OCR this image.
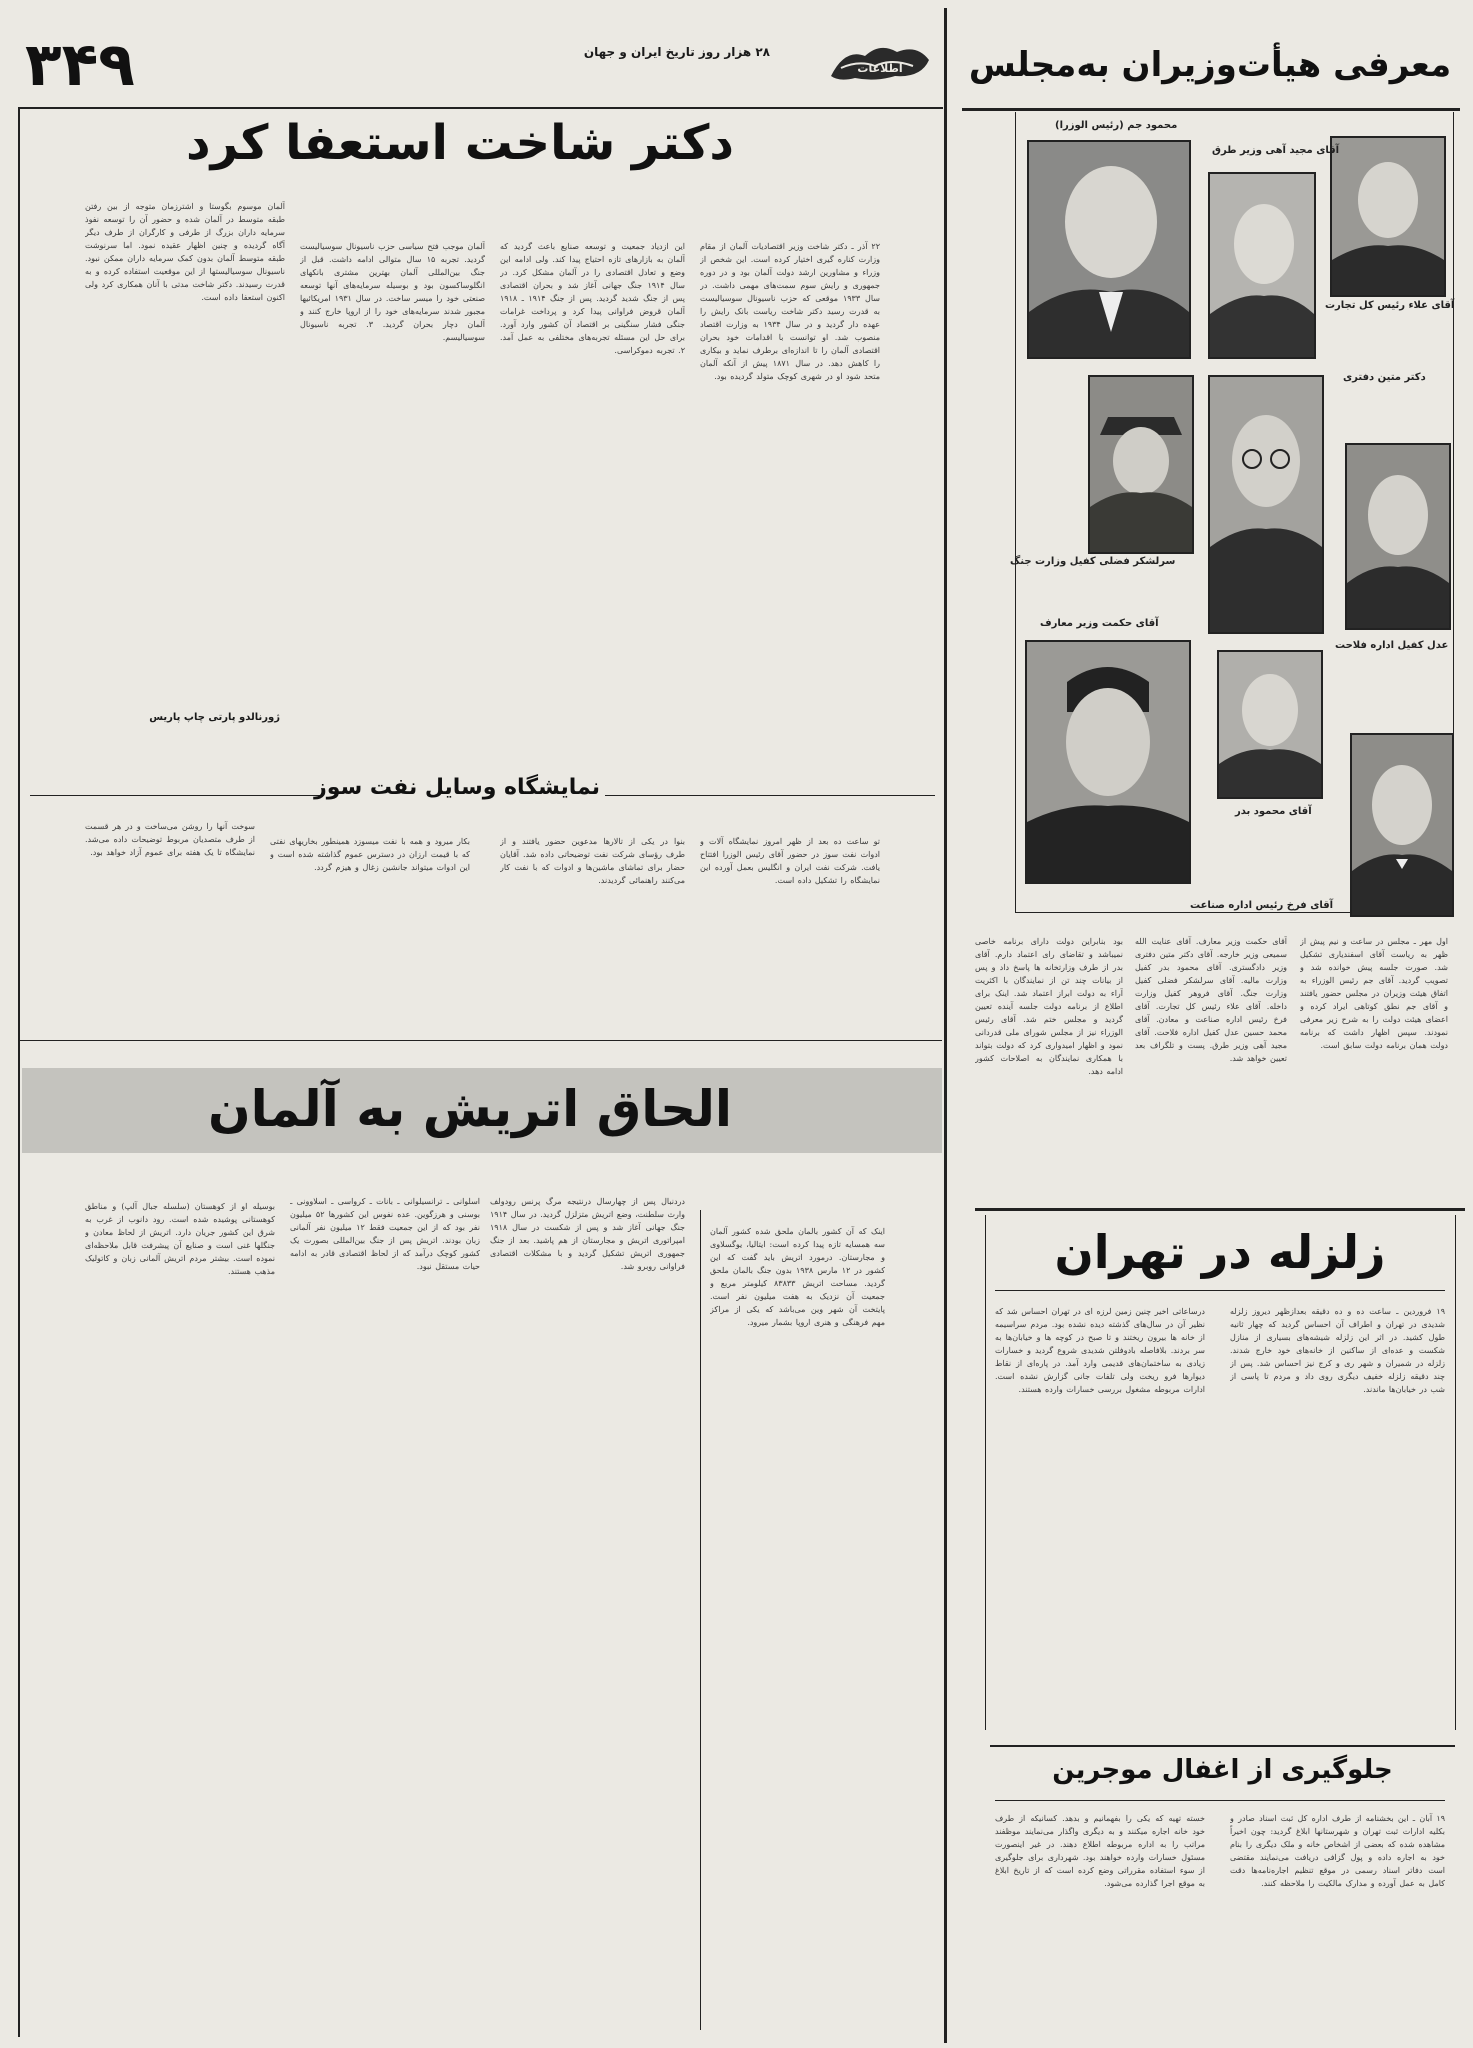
۳۴۹	۲۸ هزار روز تاریخ ایران و جهان
اطلاعات	معرفی هیأت‌وزیران به‌مجلس
محمود جم (رئیس الوزرا)
آقای مجید آهی وزیر طرق
آقای علاء رئیس کل تجارت
دکتر متین دفتری
سرلشکر فضلی کفیل وزارت جنگ
عدل کفیل اداره فلاحت
آقای حکمت وزیر معارف
آقای محمود بدر
آقای فرخ رئیس اداره صناعت
بود بنابراین دولت دارای برنامه خاصی نمیباشد و تقاضای رای اعتماد دارم. آقای بدر از طرف وزارتخانه ها پاسخ داد و پس از بیانات چند تن از نمایندگان با اکثریت آراء به دولت ابراز اعتماد شد. اینک برای اطلاع از برنامه دولت جلسه آینده تعیین گردید و مجلس ختم شد. آقای رئیس الوزراء نیز از مجلس شورای ملی قدردانی نمود و اظهار امیدواری کرد که دولت بتواند با همکاری نمایندگان به اصلاحات کشور ادامه دهد.
آقای حکمت وزیر معارف. آقای عنایت الله سمیعی وزیر خارجه. آقای دکتر متین دفتری وزیر دادگستری. آقای محمود بدر کفیل وزارت مالیه. آقای سرلشکر فضلی کفیل وزارت جنگ. آقای فروهر کفیل وزارت داخله. آقای علاء رئیس کل تجارت. آقای فرخ رئیس اداره صناعت و معادن. آقای محمد حسین عدل کفیل اداره فلاحت. آقای مجید آهی وزیر طرق. پست و تلگراف بعد تعیین خواهد شد.
اول مهر ـ مجلس در ساعت و نیم پیش از ظهر به ریاست آقای اسفندیاری تشکیل شد. صورت جلسه پیش خوانده شد و تصویب گردید. آقای جم رئیس الوزراء به اتفاق هیئت وزیران در مجلس حضور یافتند و آقای جم نطق کوتاهی ایراد کرده و اعضای هیئت دولت را به شرح زیر معرفی نمودند. سپس اظهار داشت که برنامه دولت همان برنامه دولت سابق است.
زلزله در تهران
درساعاتی اخیر چنین زمین لرزه ای در تهران احساس شد که نظیر آن در سال‌های گذشته دیده نشده بود. مردم سراسیمه از خانه ها بیرون ریختند و تا صبح در کوچه ها و خیابان‌ها به سر بردند. بلافاصله بادوفلتن شدیدی شروع گردید و خسارات زیادی به ساختمان‌های قدیمی وارد آمد. در پاره‌ای از نقاط دیوارها فرو ریخت ولی تلفات جانی گزارش نشده است. ادارات مربوطه مشغول بررسی خسارات وارده هستند.
۱۹ فروردین ـ ساعت ده و ده دقیقه بعدازظهر دیروز زلزله شدیدی در تهران و اطراف آن احساس گردید که چهار ثانیه طول کشید. در اثر این زلزله شیشه‌های بسیاری از منازل شکست و عده‌ای از ساکنین از خانه‌های خود خارج شدند. زلزله در شمیران و شهر ری و کرج نیز احساس شد. پس از چند دقیقه زلزله خفیف دیگری روی داد و مردم تا پاسی از شب در خیابان‌ها ماندند.
جلوگیری از اغفال موجرین
خسته تهیه که یکی را بفهمانیم و بدهد. کسانیکه از طرف خود خانه اجاره میکنند و به دیگری واگذار می‌نمایند موظفند مراتب را به اداره مربوطه اطلاع دهند. در غیر اینصورت مسئول خسارات وارده خواهند بود. شهرداری برای جلوگیری از سوء استفاده مقرراتی وضع کرده است که از تاریخ ابلاغ به موقع اجرا گذارده می‌شود.
۱۹ آبان ـ این بخشنامه از طرف اداره کل ثبت اسناد صادر و بکلیه ادارات ثبت تهران و شهرستانها ابلاغ گردید: چون اخیراً مشاهده شده که بعضی از اشخاص خانه و ملک دیگری را بنام خود به اجاره داده و پول گزافی دریافت می‌نمایند مقتضی است دفاتر اسناد رسمی در موقع تنظیم اجاره‌نامه‌ها دقت کامل به عمل آورده و مدارک مالکیت را ملاحظه کنند.
دکتر شاخت استعفا کرد
۲۲ آذر ـ دکتر شاخت وزیر اقتصادیات آلمان از مقام وزارت کناره گیری اختیار کرده است. این شخص از وزراء و مشاورین ارشد دولت آلمان بود و در دوره جمهوری و رایش سوم سمت‌های مهمی داشت. در سال ۱۹۳۳ موقعی که حزب ناسیونال سوسیالیست به قدرت رسید دکتر شاخت ریاست بانک رایش را عهده دار گردید و در سال ۱۹۳۴ به وزارت اقتصاد منصوب شد. او توانست با اقدامات خود بحران اقتصادی آلمان را تا اندازه‌ای برطرف نماید و بیکاری را کاهش دهد. در سال ۱۸۷۱ پیش از آنکه آلمان متحد شود او در شهری کوچک متولد گردیده بود.
این ازدیاد جمعیت و توسعه صنایع باعث گردید که آلمان به بازارهای تازه احتیاج پیدا کند. ولی ادامه این وضع و تعادل اقتصادی را در آلمان مشکل کرد. در سال ۱۹۱۴ جنگ جهانی آغاز شد و بحران اقتصادی پس از جنگ شدید گردید. پس از جنگ ۱۹۱۴ ـ ۱۹۱۸ آلمان قروض فراوانی پیدا کرد و پرداخت غرامات جنگی فشار سنگینی بر اقتصاد آن کشور وارد آورد. برای حل این مسئله تجربه‌های مختلفی به عمل آمد. ۲. تجربه دموکراسی.
آلمان موجب فتح سیاسی حزب ناسیونال سوسیالیست گردید. تجربه ۱۵ سال متوالی ادامه داشت. قبل از جنگ بین‌المللی آلمان بهترین مشتری بانکهای انگلوساکسون بود و بوسیله سرمایه‌های آنها توسعه صنعتی خود را میسر ساخت. در سال ۱۹۳۱ امریکائیها مجبور شدند سرمایه‌های خود را از اروپا خارج کنند و آلمان دچار بحران گردید. ۳. تجربه ناسیونال سوسیالیسم.
آلمان موسوم بگوستا و اشترزمان متوجه از بین رفتن طبقه متوسط در آلمان شده و حضور آن را توسعه نفوذ سرمایه داران بزرگ از طرفی و کارگران از طرف دیگر آگاه گردیده و چنین اظهار عقیده نمود. اما سرنوشت طبقه متوسط آلمان بدون کمک سرمایه داران ممکن نبود. ناسیونال سوسیالیستها از این موقعیت استفاده کرده و به قدرت رسیدند. دکتر شاخت مدتی با آنان همکاری کرد ولی اکنون استعفا داده است.
ژورنالدو پارتی چاپ پاریس
نمایشگاه وسایل نفت سوز
تو ساعت ده بعد از ظهر امروز نمایشگاه آلات و ادوات نفت سوز در حضور آقای رئیس الوزرا افتتاح یافت. شرکت نفت ایران و انگلیس بعمل آورده این نمایشگاه را تشکیل داده است.
بنوا در یکی از تالارها مدعوین حضور یافتند و از طرف رؤسای شرکت نفت توضیحاتی داده شد. آقایان حضار برای تماشای ماشین‌ها و ادوات که با نفت کار می‌کنند راهنمائی گردیدند.
بکار میرود و همه با نفت میسوزد همینطور بخاریهای نفتی که با قیمت ارزان در دسترس عموم گذاشته شده است و این ادوات میتواند جانشین زغال و هیزم گردد.
سوخت آنها را روشن می‌ساخت و در هر قسمت از طرف متصدیان مربوط توضیحات داده می‌شد. نمایشگاه تا یک هفته برای عموم آزاد خواهد بود.
الحاق اتریش به آلمان
اینک که آن کشور بالمان ملحق شده کشور آلمان سه همسایه تازه پیدا کرده است: ایتالیا، یوگسلاوی و مجارستان. درمورد اتریش باید گفت که این کشور در ۱۲ مارس ۱۹۳۸ بدون جنگ بالمان ملحق گردید. مساحت اتریش ۸۳۸۳۳ کیلومتر مربع و جمعیت آن نزدیک به هفت میلیون نفر است. پایتخت آن شهر وین می‌باشد که یکی از مراکز مهم فرهنگی و هنری اروپا بشمار میرود.
دردنبال پس از چهارسال درنتیجه مرگ پرنس رودولف وارث سلطنت، وضع اتریش متزلزل گردید. در سال ۱۹۱۴ جنگ جهانی آغاز شد و پس از شکست در سال ۱۹۱۸ امپراتوری اتریش و مجارستان از هم پاشید. بعد از جنگ جمهوری اتریش تشکیل گردید و با مشکلات اقتصادی فراوانی روبرو شد.
اسلوانی ـ ترانسیلوانی ـ بانات ـ کرواسی ـ اسلاوونی ـ بوسنی و هرزگوین. عده نفوس این کشورها ۵۲ میلیون نفر بود که از این جمعیت فقط ۱۲ میلیون نفر آلمانی زبان بودند. اتریش پس از جنگ بین‌المللی بصورت یک کشور کوچک درآمد که از لحاظ اقتصادی قادر به ادامه حیات مستقل نبود.
بوسیله او از کوهستان (سلسله جبال آلپ) و مناطق کوهستانی پوشیده شده است. رود دانوب از غرب به شرق این کشور جریان دارد. اتریش از لحاظ معادن و جنگلها غنی است و صنایع آن پیشرفت قابل ملاحظه‌ای نموده است. بیشتر مردم اتریش آلمانی زبان و کاتولیک مذهب هستند.
